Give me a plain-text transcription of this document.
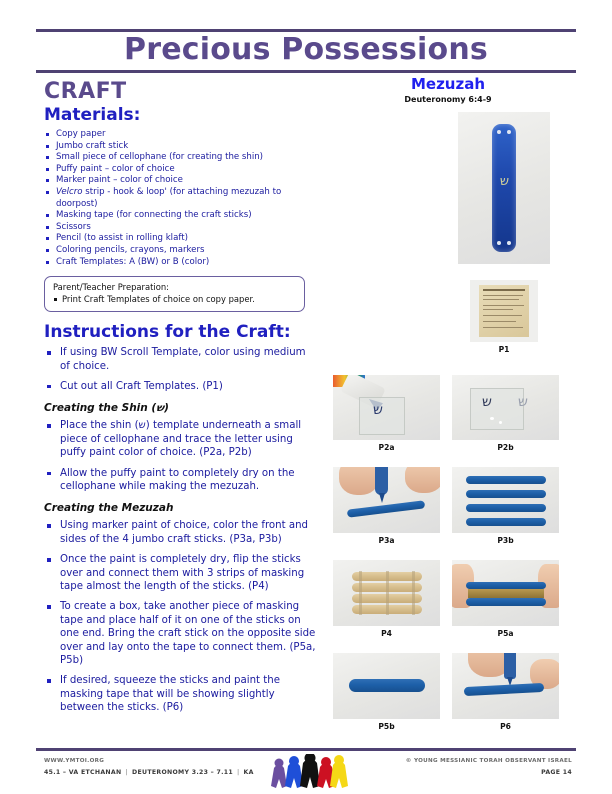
Precious Possessions
CRAFT
Materials:
Copy paper
Jumbo craft stick
Small piece of cellophane (for creating the shin)
Puffy paint – color of choice
Marker paint – color of choice
Velcro strip - hook & loop' (for attaching mezuzah to doorpost)
Masking tape (for connecting the craft sticks)
Scissors
Pencil (to assist in rolling klaft)
Coloring pencils, crayons, markers
Craft Templates: A (BW) or B (color)
Parent/Teacher Preparation:
Print Craft Templates of choice on copy paper.
Instructions for the Craft:
If using BW Scroll Template, color using medium of choice.
Cut out all Craft Templates. (P1)
Creating the Shin (ש)
Place the shin (ש) template underneath a small piece of cellophane and trace the letter using puffy paint color of choice. (P2a, P2b)
Allow the puffy paint to completely dry on the cellophane while making the mezuzah.
Creating the Mezuzah
Using marker paint of choice, color the front and sides of the 4 jumbo craft sticks. (P3a, P3b)
Once the paint is completely dry, flip the sticks over and connect them with 3 strips of masking tape almost the length of the sticks. (P4)
To create a box, take another piece of masking tape and place half of it on one of the sticks on one end. Bring the craft stick on the opposite side over and lay onto the tape to connect them. (P5a, P5b)
If desired, squeeze the sticks and paint the masking tape that will be showing slightly between the sticks. (P6)
Mezuzah
Deuteronomy 6:4-9
ש
P1
ש
P2a
ש ש
P2b
P3a	P3b
P4	P5a
P5b	P6
WWW.YMTOI.ORG
45.1 – VA ETCHANAN | DEUTERONOMY 3.23 – 7.11 | KA
© YOUNG MESSIANIC TORAH OBSERVANT ISRAEL
PAGE 14
